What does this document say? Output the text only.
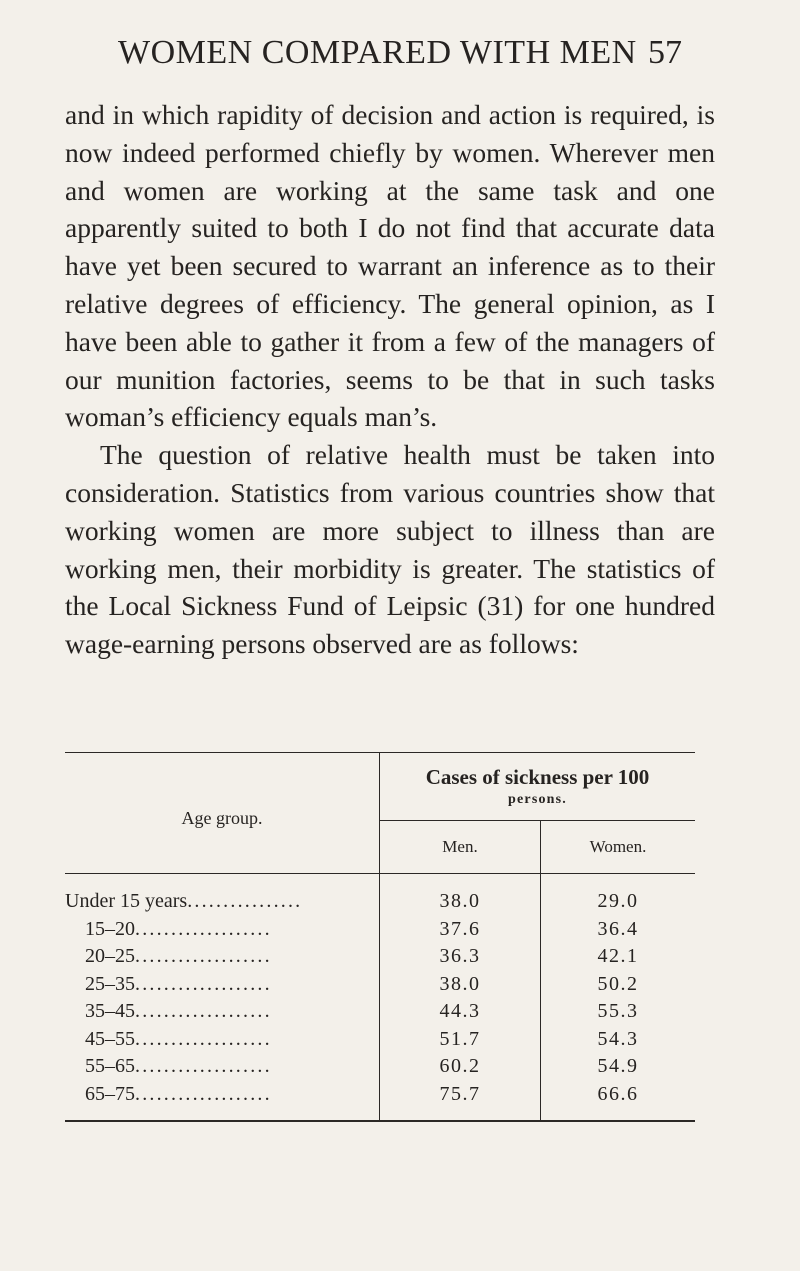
WOMEN COMPARED WITH MEN 57

and in which rapidity of decision and action is required, is now indeed performed chiefly by women. Wherever men and women are working at the same task and one apparently suited to both I do not find that accurate data have yet been secured to warrant an inference as to their relative degrees of efficiency. The general opinion, as I have been able to gather it from a few of the managers of our munition factories, seems to be that in such tasks woman’s efficiency equals man’s.

The question of relative health must be taken into consideration. Statistics from various countries show that working women are more subject to illness than are working men, their morbidity is greater. The statistics of the Local Sickness Fund of Leipsic (31) for one hundred wage-earning persons observed are as follows:

Age group.	Cases of sickness per 100
persons.	
	Men.	Women.
Under 15 years................	38.0	29.0
15–20...................	37.6	36.4
20–25...................	36.3	42.1
25–35...................	38.0	50.2
35–45...................	44.3	55.3
45–55...................	51.7	54.3
55–65...................	60.2	54.9
65–75...................	75.7	66.6
